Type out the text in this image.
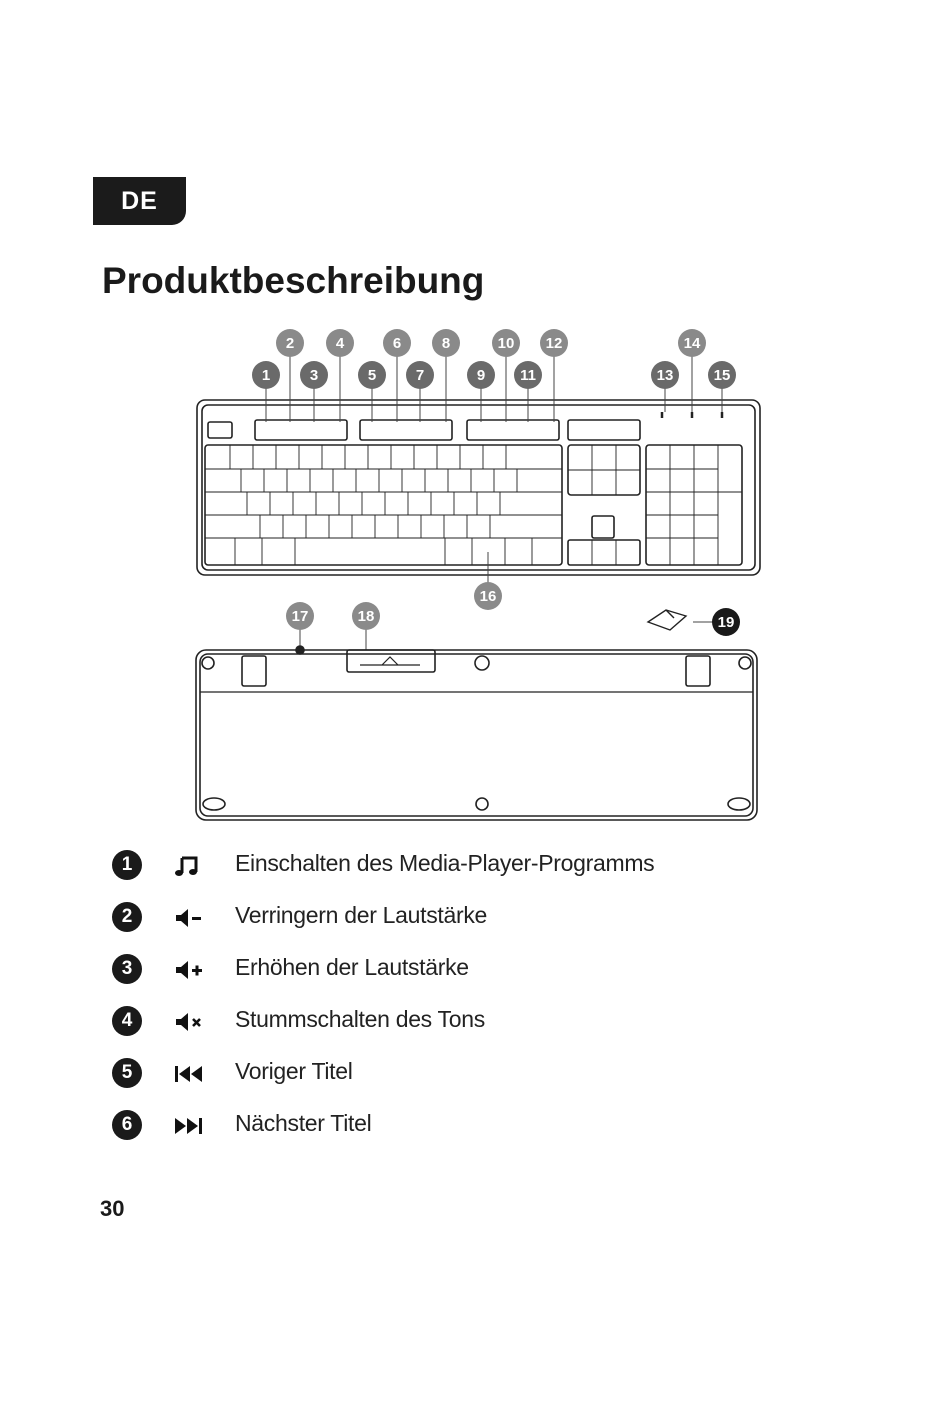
DE
Produktbeschreibung
1
2
3
4
5
6
7
8
9
10
11
12
13
14
15
16
17	18	19
1	Einschalten des Media-Player-Programms
2	Verringern der Lautstärke
3	Erhöhen der Lautstärke
4	Stummschalten des Tons
5	Voriger Titel
6	Nächster Titel
30
